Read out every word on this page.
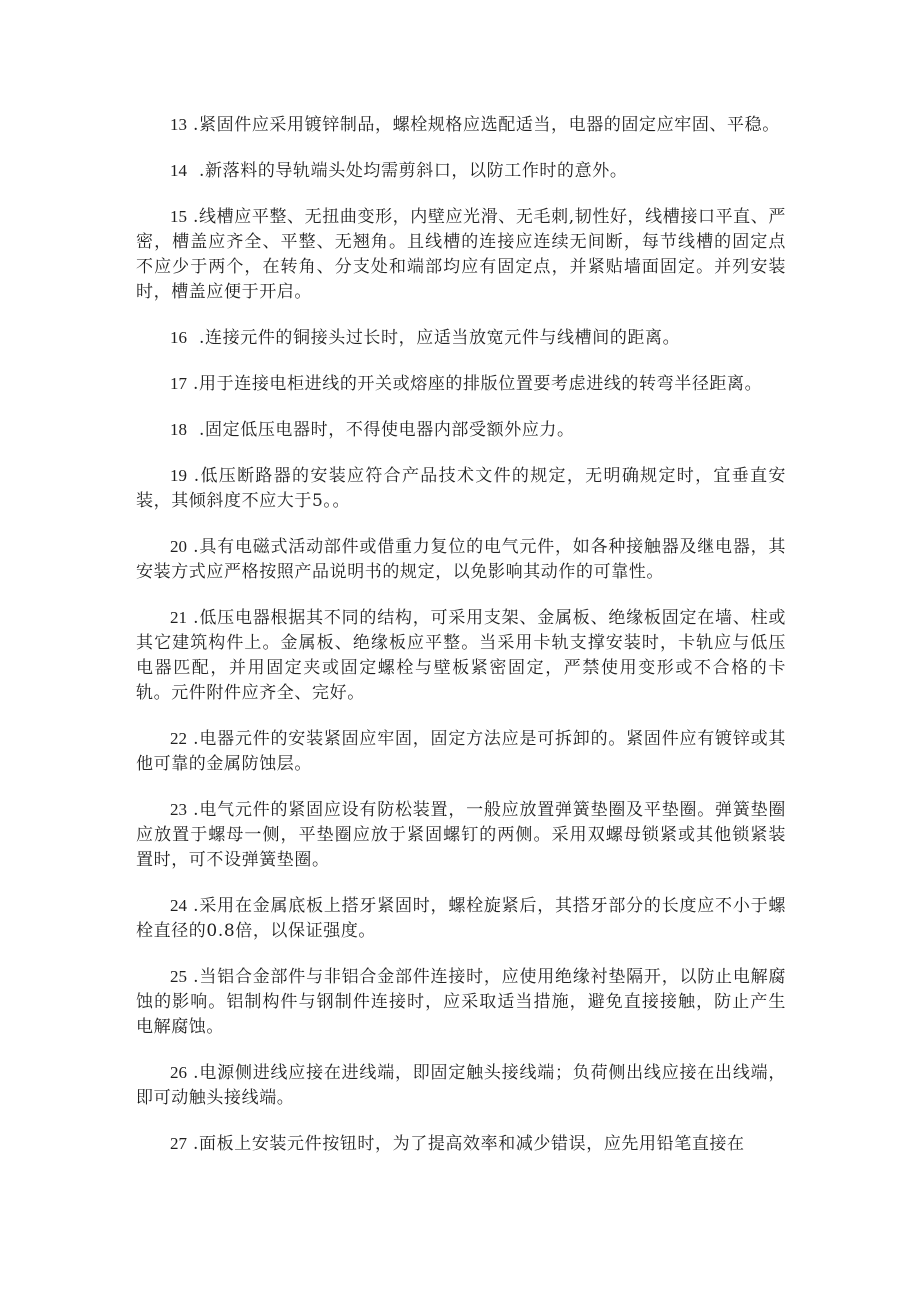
13 .紧固件应采用镀锌制品，螺栓规格应选配适当，电器的固定应牢固、平稳。

14  .新落料的导轨端头处均需剪斜口，以防工作时的意外。

15 .线槽应平整、无扭曲变形，内壁应光滑、无毛刺,韧性好，线槽接口平直、严密，槽盖应齐全、平整、无翘角。且线槽的连接应连续无间断，每节线槽的固定点不应少于两个，在转角、分支处和端部均应有固定点，并紧贴墙面固定。并列安装时，槽盖应便于开启。

16  .连接元件的铜接头过长时，应适当放宽元件与线槽间的距离。

17 .用于连接电柜进线的开关或熔座的排版位置要考虑进线的转弯半径距离。

18  .固定低压电器时，不得使电器内部受额外应力。

19 .低压断路器的安装应符合产品技术文件的规定，无明确规定时，宜垂直安装，其倾斜度不应大于5。。

20 .具有电磁式活动部件或借重力复位的电气元件，如各种接触器及继电器，其安装方式应严格按照产品说明书的规定，以免影响其动作的可靠性。

21 .低压电器根据其不同的结构，可采用支架、金属板、绝缘板固定在墙、柱或其它建筑构件上。金属板、绝缘板应平整。当采用卡轨支撑安装时，卡轨应与低压电器匹配，并用固定夹或固定螺栓与壁板紧密固定，严禁使用变形或不合格的卡轨。元件附件应齐全、完好。

22 .电器元件的安装紧固应牢固，固定方法应是可拆卸的。紧固件应有镀锌或其他可靠的金属防蚀层。

23 .电气元件的紧固应设有防松装置，一般应放置弹簧垫圈及平垫圈。弹簧垫圈应放置于螺母一侧，平垫圈应放于紧固螺钉的两侧。采用双螺母锁紧或其他锁紧装置时，可不设弹簧垫圈。

24 .采用在金属底板上搭牙紧固时，螺栓旋紧后，其搭牙部分的长度应不小于螺栓直径的0.8倍，以保证强度。

25 .当铝合金部件与非铝合金部件连接时，应使用绝缘衬垫隔开，以防止电解腐蚀的影响。铝制构件与钢制件连接时，应采取适当措施，避免直接接触，防止产生电解腐蚀。

26 .电源侧进线应接在进线端，即固定触头接线端；负荷侧出线应接在出线端，即可动触头接线端。

27 .面板上安装元件按钮时，为了提高效率和减少错误，应先用铅笔直接在
